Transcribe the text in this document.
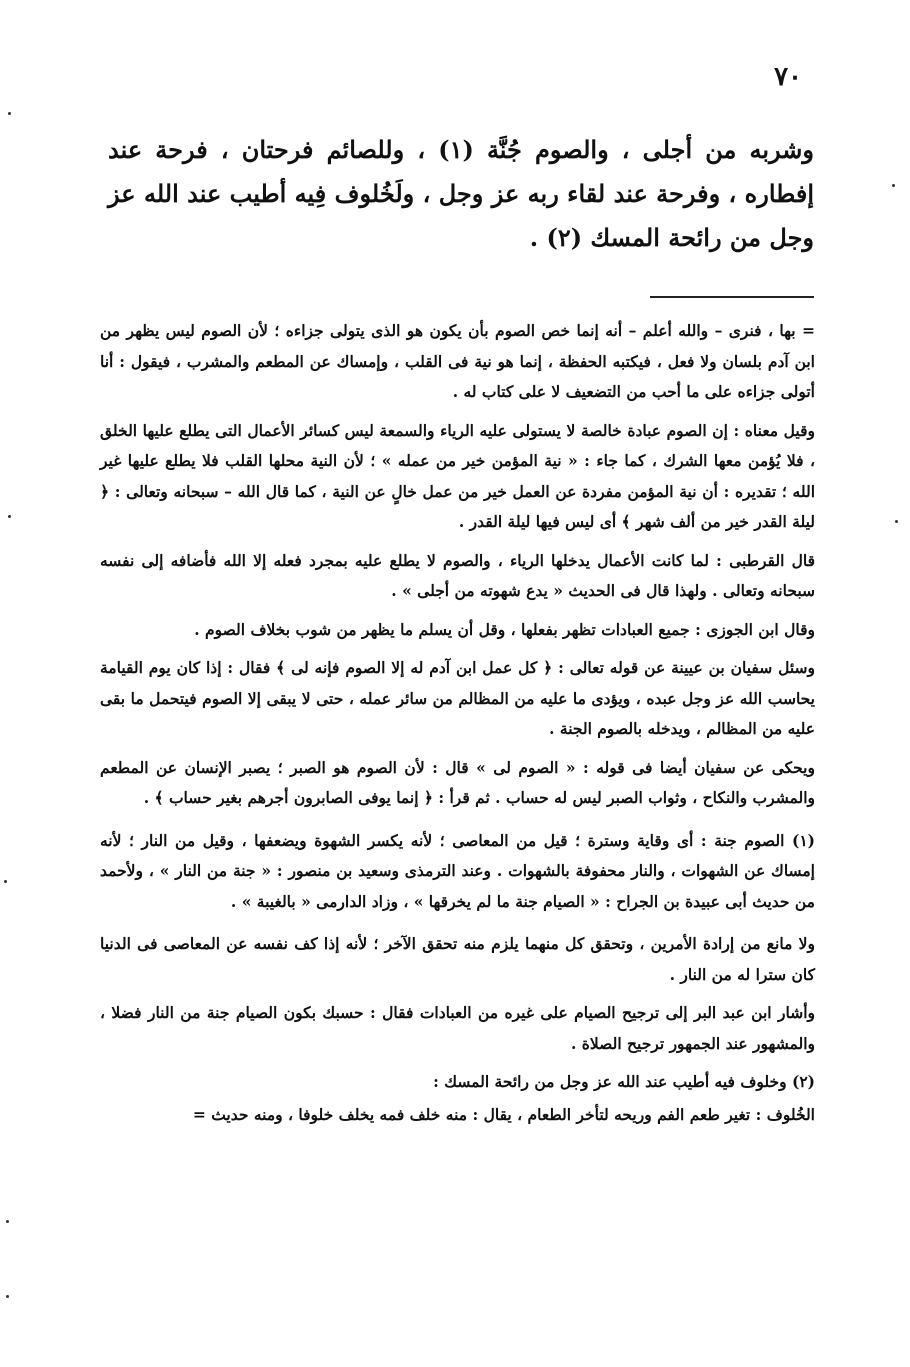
٧٠
وشربه من أجلى ، والصوم جُنَّة (١) ، وللصائم فرحتان ، فرحة عند إفطاره ، وفرحة عند لقاء ربه عز وجل ، ولَخُلوف فِيه أطيب عند الله عز وجل من رائحة المسك (٢) .

= بها ، فنرى – والله أعلم – أنه إنما خص الصوم بأن يكون هو الذى يتولى جزاءه ؛ لأن الصوم ليس يظهر من ابن آدم بلسان ولا فعل ، فيكتبه الحفظة ، إنما هو نية فى القلب ، وإمساك عن المطعم والمشرب ، فيقول : أنا أتولى جزاءه على ما أحب من التضعيف لا على كتاب له .

وقيل معناه : إن الصوم عبادة خالصة لا يستولى عليه الرياء والسمعة ليس كسائر الأعمال التى يطلع عليها الخلق ، فلا يُؤمن معها الشرك ، كما جاء : « نية المؤمن خير من عمله » ؛ لأن النية محلها القلب فلا يطلع عليها غير الله ؛ تقديره : أن نية المؤمن مفردة عن العمل خير من عمل خالٍ عن النية ، كما قال الله – سبحانه وتعالى : ﴿ ليلة القدر خير من ألف شهر ﴾ أى ليس فيها ليلة القدر .

قال القرطبى : لما كانت الأعمال يدخلها الرياء ، والصوم لا يطلع عليه بمجرد فعله إلا الله فأضافه إلى نفسه سبحانه وتعالى . ولهذا قال فى الحديث « يدع شهوته من أجلى » .

وقال ابن الجوزى : جميع العبادات تظهر بفعلها ، وقل أن يسلم ما يظهر من شوب بخلاف الصوم .

وسئل سفيان بن عيينة عن قوله تعالى : ﴿ كل عمل ابن آدم له إلا الصوم فإنه لى ﴾ فقال : إذا كان يوم القيامة يحاسب الله عز وجل عبده ، ويؤدى ما عليه من المظالم من سائر عمله ، حتى لا يبقى إلا الصوم فيتحمل ما بقى عليه من المظالم ، ويدخله بالصوم الجنة .

ويحكى عن سفيان أيضا فى قوله : « الصوم لى » قال : لأن الصوم هو الصبر ؛ يصبر الإنسان عن المطعم والمشرب والنكاح ، وثواب الصبر ليس له حساب . ثم قرأ : ﴿ إنما يوفى الصابرون أجرهم بغير حساب ﴾ .

(١) الصوم جنة : أى وقاية وسترة ؛ قيل من المعاصى ؛ لأنه يكسر الشهوة ويضعفها ، وقيل من النار ؛ لأنه إمساك عن الشهوات ، والنار محفوفة بالشهوات . وعند الترمذى وسعيد بن منصور : « جنة من النار » ، ولأحمد من حديث أبى عبيدة بن الجراح : « الصيام جنة ما لم يخرقها » ، وزاد الدارمى « بالغيبة » .

ولا مانع من إرادة الأمرين ، وتحقق كل منهما يلزم منه تحقق الآخر ؛ لأنه إذا كف نفسه عن المعاصى فى الدنيا كان سترا له من النار .

وأشار ابن عبد البر إلى ترجيح الصيام على غيره من العبادات فقال : حسبك بكون الصيام جنة من النار فضلا ، والمشهور عند الجمهور ترجيح الصلاة .

(٢) وخلوف فيه أطيب عند الله عز وجل من رائحة المسك :

الخُلوف : تغير طعم الفم وريحه لتأخر الطعام ، يقال : منه خلف فمه يخلف خلوفا ، ومنه حديث =
